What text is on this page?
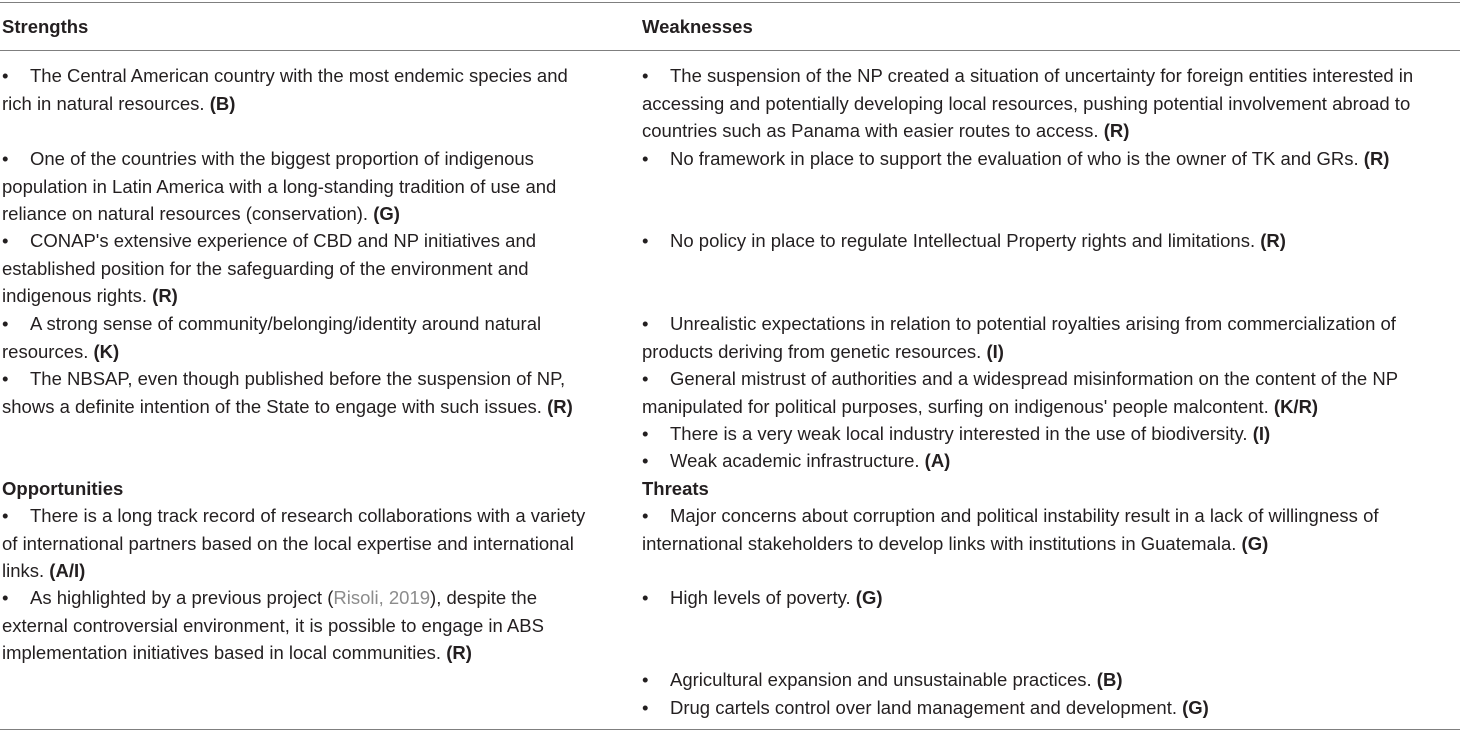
Strengths	Weaknesses
• The Central American country with the most endemic species and
rich in natural resources. (B)
• One of the countries with the biggest proportion of indigenous
population in Latin America with a long-standing tradition of use and
reliance on natural resources (conservation). (G)
• CONAP's extensive experience of CBD and NP initiatives and
established position for the safeguarding of the environment and
indigenous rights. (R)
• A strong sense of community/belonging/identity around natural
resources. (K)
• The NBSAP, even though published before the suspension of NP,
shows a definite intention of the State to engage with such issues. (R)
• The suspension of the NP created a situation of uncertainty for foreign entities interested in
accessing and potentially developing local resources, pushing potential involvement abroad to
countries such as Panama with easier routes to access. (R)
• No framework in place to support the evaluation of who is the owner of TK and GRs. (R)
• No policy in place to regulate Intellectual Property rights and limitations. (R)
• Unrealistic expectations in relation to potential royalties arising from commercialization of
products deriving from genetic resources. (I)
• General mistrust of authorities and a widespread misinformation on the content of the NP
manipulated for political purposes, surfing on indigenous' people malcontent. (K/R)
• There is a very weak local industry interested in the use of biodiversity. (I)
• Weak academic infrastructure. (A)
Opportunities	Threats
• There is a long track record of research collaborations with a variety
of international partners based on the local expertise and international
links. (A/I)
• As highlighted by a previous project (Risoli, 2019), despite the
external controversial environment, it is possible to engage in ABS
implementation initiatives based in local communities. (R)
• Major concerns about corruption and political instability result in a lack of willingness of
international stakeholders to develop links with institutions in Guatemala. (G)
• High levels of poverty. (G)
• Agricultural expansion and unsustainable practices. (B)
• Drug cartels control over land management and development. (G)
